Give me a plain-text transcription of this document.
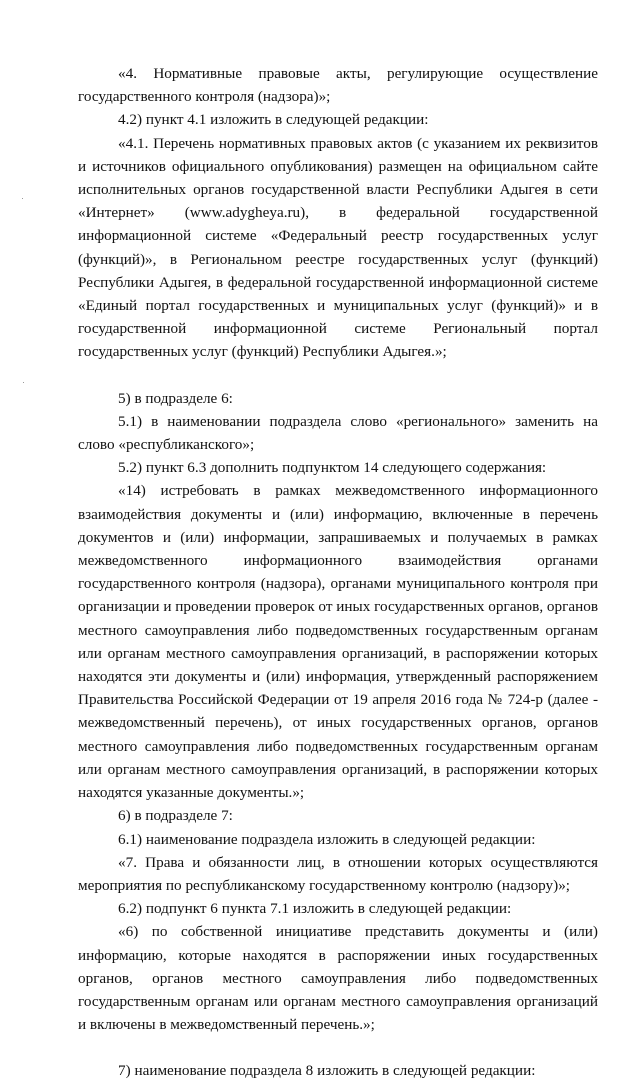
«4. Нормативные правовые акты, регулирующие осуществление государственного контроля (надзора)»;

4.2) пункт 4.1 изложить в следующей редакции:

«4.1. Перечень нормативных правовых актов (с указанием их реквизитов и источников официального опубликования) размещен на официальном сайте исполнительных органов государственной власти Республики Адыгея в сети «Интернет» (www.adygheya.ru), в федеральной государственной информационной системе «Федеральный реестр государственных услуг (функций)», в Региональном реестре государственных услуг (функций) Республики Адыгея, в федеральной государственной информационной системе «Единый портал государственных и муниципальных услуг (функций)» и в государственной информационной системе Региональный портал государственных услуг (функций) Республики Адыгея.»;

5) в подразделе 6:

5.1) в наименовании подраздела слово «регионального» заменить на слово «республиканского»;

5.2) пункт 6.3 дополнить подпунктом 14 следующего содержания:

«14) истребовать в рамках межведомственного информационного взаимодействия документы и (или) информацию, включенные в перечень документов и (или) информации, запрашиваемых и получаемых в рамках межведомственного информационного взаимодействия органами государственного контроля (надзора), органами муниципального контроля при организации и проведении проверок от иных государственных органов, органов местного самоуправления либо подведомственных государственным органам или органам местного самоуправления организаций, в распоряжении которых находятся эти документы и (или) информация, утвержденный распоряжением Правительства Российской Федерации от 19 апреля 2016 года № 724-р (далее - межведомственный перечень), от иных государственных органов, органов местного самоуправления либо подведомственных государственным органам или органам местного самоуправления организаций, в распоряжении которых находятся указанные документы.»;

6) в подразделе 7:

6.1) наименование подраздела изложить в следующей редакции:

«7. Права и обязанности лиц, в отношении которых осуществляются мероприятия по республиканскому государственному контролю (надзору)»;

6.2) подпункт 6 пункта 7.1 изложить в следующей редакции:

«6) по собственной инициативе представить документы и (или) информацию, которые находятся в распоряжении иных государственных органов, органов местного самоуправления либо подведомственных государственным органам или органам местного самоуправления организаций и включены в межведомственный перечень.»;

7) наименование подраздела 8 изложить в следующей редакции:
